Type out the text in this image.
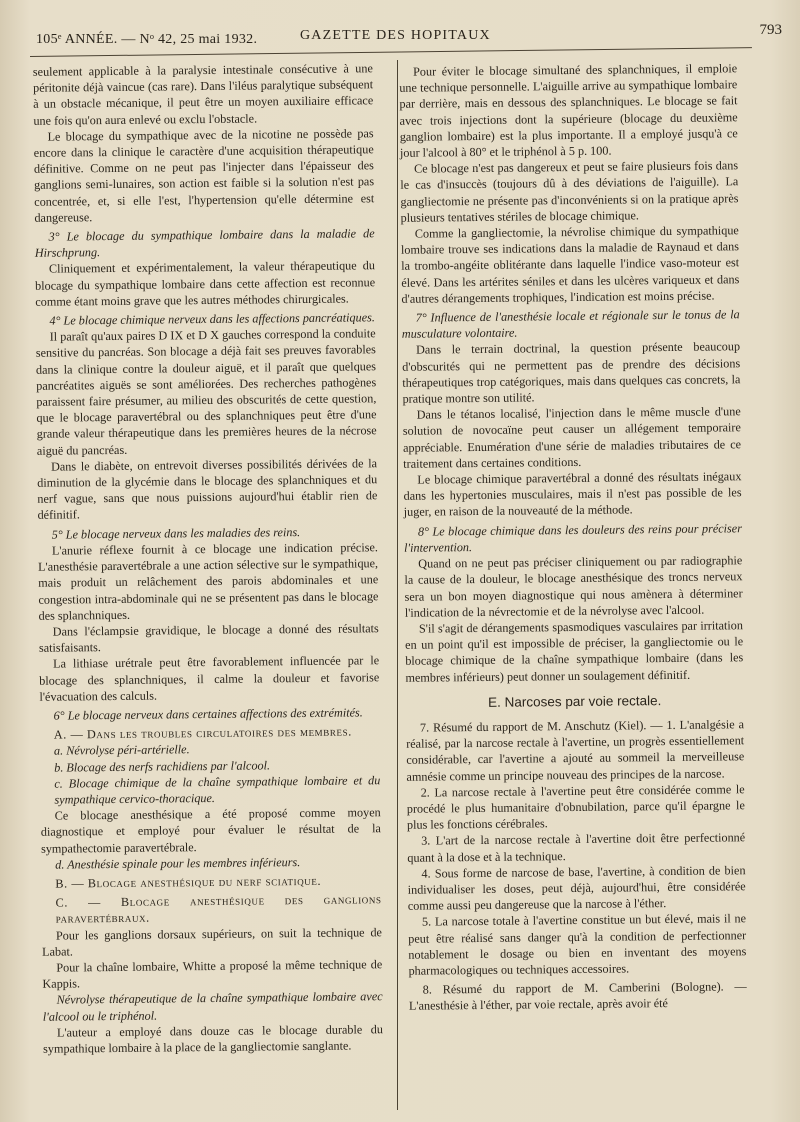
105ᵉ ANNÉE. — Nᵒ 42, 25 mai 1932.	GAZETTE DES HOPITAUX	793

seulement applicable à la paralysie intestinale consécutive à une péritonite déjà vaincue (cas rare). Dans l'iléus paralytique subséquent à un obstacle mécanique, il peut être un moyen auxiliaire efficace une fois qu'on aura enlevé ou exclu l'obstacle.

Le blocage du sympathique avec de la nicotine ne possède pas encore dans la clinique le caractère d'une acquisition thérapeutique définitive. Comme on ne peut pas l'injecter dans l'épaisseur des ganglions semi-lunaires, son action est faible si la solution n'est pas concentrée, et, si elle l'est, l'hypertension qu'elle détermine est dangereuse.

3° Le blocage du sympathique lombaire dans la maladie de Hirschprung.

Cliniquement et expérimentalement, la valeur thérapeutique du blocage du sympathique lombaire dans cette affection est reconnue comme étant moins grave que les autres méthodes chirurgicales.

4° Le blocage chimique nerveux dans les affections pancréatiques.

Il paraît qu'aux paires D IX et D X gauches correspond la conduite sensitive du pancréas. Son blocage a déjà fait ses preuves favorables dans la clinique contre la douleur aiguë, et il paraît que quelques pancréatites aiguës se sont améliorées. Des recherches pathogènes paraissent faire présumer, au milieu des obscurités de cette question, que le blocage paravertébral ou des splanchniques peut être d'une grande valeur thérapeutique dans les premières heures de la nécrose aiguë du pancréas.

Dans le diabète, on entrevoit diverses possibilités dérivées de la diminution de la glycémie dans le blocage des splanchniques et du nerf vague, sans que nous puissions aujourd'hui établir rien de définitif.

5° Le blocage nerveux dans les maladies des reins.

L'anurie réflexe fournit à ce blocage une indication précise. L'anesthésie paravertébrale a une action sélective sur le sympathique, mais produit un relâchement des parois abdominales et une congestion intra-abdominale qui ne se présentent pas dans le blocage des splanchniques.

Dans l'éclampsie gravidique, le blocage a donné des résultats satisfaisants.

La lithiase urétrale peut être favorablement influencée par le blocage des splanchniques, il calme la douleur et favorise l'évacuation des calculs.

6° Le blocage nerveux dans certaines affections des extrémités.

A. — Dans les troubles circulatoires des membres.

a. Névrolyse péri-artérielle.

b. Blocage des nerfs rachidiens par l'alcool.

c. Blocage chimique de la chaîne sympathique lombaire et du sympathique cervico-thoracique.

Ce blocage anesthésique a été proposé comme moyen diagnostique et employé pour évaluer le résultat de la sympathectomie paravertébrale.

d. Anesthésie spinale pour les membres inférieurs.

B. — Blocage anesthésique du nerf sciatique.

C. — Blocage anesthésique des ganglions paravertébraux.

Pour les ganglions dorsaux supérieurs, on suit la technique de Labat.

Pour la chaîne lombaire, Whitte a proposé la même technique de Kappis.

Névrolyse thérapeutique de la chaîne sympathique lombaire avec l'alcool ou le triphénol.

L'auteur a employé dans douze cas le blocage durable du sympathique lombaire à la place de la gangliectomie sanglante.

Pour éviter le blocage simultané des splanchniques, il emploie une technique personnelle. L'aiguille arrive au sympathique lombaire par derrière, mais en dessous des splanchniques. Le blocage se fait avec trois injections dont la supérieure (blocage du deuxième ganglion lombaire) est la plus importante. Il a employé jusqu'à ce jour l'alcool à 80° et le triphénol à 5 p. 100.

Ce blocage n'est pas dangereux et peut se faire plusieurs fois dans le cas d'insuccès (toujours dû à des déviations de l'aiguille). La gangliectomie ne présente pas d'inconvénients si on la pratique après plusieurs tentatives stériles de blocage chimique.

Comme la gangliectomie, la névrolise chimique du sympathique lombaire trouve ses indications dans la maladie de Raynaud et dans la trombo-angéite oblitérante dans laquelle l'indice vaso-moteur est élevé. Dans les artérites séniles et dans les ulcères variqueux et dans d'autres dérangements trophiques, l'indication est moins précise.

7° Influence de l'anesthésie locale et régionale sur le tonus de la musculature volontaire.

Dans le terrain doctrinal, la question présente beaucoup d'obscurités qui ne permettent pas de prendre des décisions thérapeutiques trop catégoriques, mais dans quelques cas concrets, la pratique montre son utilité.

Dans le tétanos localisé, l'injection dans le même muscle d'une solution de novocaïne peut causer un allégement temporaire appréciable. Enumération d'une série de maladies tributaires de ce traitement dans certaines conditions.

Le blocage chimique paravertébral a donné des résultats inégaux dans les hypertonies musculaires, mais il n'est pas possible de les juger, en raison de la nouveauté de la méthode.

8° Le blocage chimique dans les douleurs des reins pour préciser l'intervention.

Quand on ne peut pas préciser cliniquement ou par radiographie la cause de la douleur, le blocage anesthésique des troncs nerveux sera un bon moyen diagnostique qui nous amènera à déterminer l'indication de la névrectomie et de la névrolyse avec l'alcool.

S'il s'agit de dérangements spasmodiques vasculaires par irritation en un point qu'il est impossible de préciser, la gangliectomie ou le blocage chimique de la chaîne sympathique lombaire (dans les membres inférieurs) peut donner un soulagement définitif.

E. Narcoses par voie rectale.

7. Résumé du rapport de M. Anschutz (Kiel). — 1. L'analgésie a réalisé, par la narcose rectale à l'avertine, un progrès essentiellement considérable, car l'avertine a ajouté au sommeil la merveilleuse amnésie comme un principe nouveau des principes de la narcose.

2. La narcose rectale à l'avertine peut être considérée comme le procédé le plus humanitaire d'obnubilation, parce qu'il épargne le plus les fonctions cérébrales.

3. L'art de la narcose rectale à l'avertine doit être perfectionné quant à la dose et à la technique.

4. Sous forme de narcose de base, l'avertine, à condition de bien individualiser les doses, peut déjà, aujourd'hui, être considérée comme aussi peu dangereuse que la narcose à l'éther.

5. La narcose totale à l'avertine constitue un but élevé, mais il ne peut être réalisé sans danger qu'à la condition de perfectionner notablement le dosage ou bien en inventant des moyens pharmacologiques ou techniques accessoires.

8. Résumé du rapport de M. Camberini (Bologne). — L'anesthésie à l'éther, par voie rectale, après avoir été
